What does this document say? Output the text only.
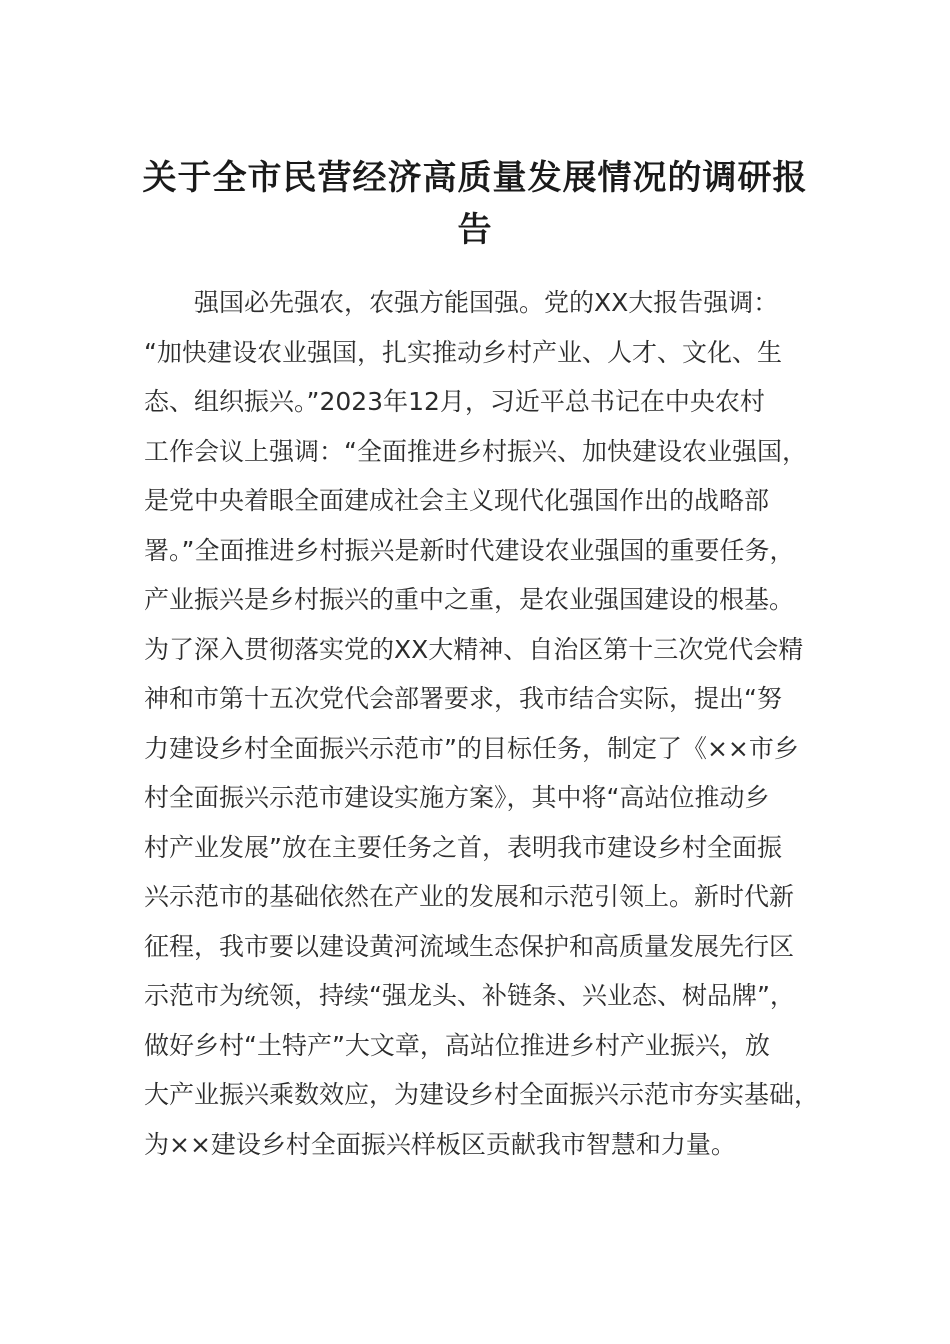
关于全市民营经济高质量发展情况的调研报
告
强国必先强农，农强方能国强。党的XX大报告强调：
“加快建设农业强国，扎实推动乡村产业、人才、文化、生
态、组织振兴。”2023年12月，习近平总书记在中央农村
工作会议上强调：“全面推进乡村振兴、加快建设农业强国，
是党中央着眼全面建成社会主义现代化强国作出的战略部
署。”全面推进乡村振兴是新时代建设农业强国的重要任务，
产业振兴是乡村振兴的重中之重，是农业强国建设的根基。
为了深入贯彻落实党的XX大精神、自治区第十三次党代会精
神和市第十五次党代会部署要求，我市结合实际，提出“努
力建设乡村全面振兴示范市”的目标任务，制定了《××市乡
村全面振兴示范市建设实施方案》，其中将“高站位推动乡
村产业发展”放在主要任务之首，表明我市建设乡村全面振
兴示范市的基础依然在产业的发展和示范引领上。新时代新
征程，我市要以建设黄河流域生态保护和高质量发展先行区
示范市为统领，持续“强龙头、补链条、兴业态、树品牌”，
做好乡村“土特产”大文章，高站位推进乡村产业振兴，放
大产业振兴乘数效应，为建设乡村全面振兴示范市夯实基础，
为××建设乡村全面振兴样板区贡献我市智慧和力量。
